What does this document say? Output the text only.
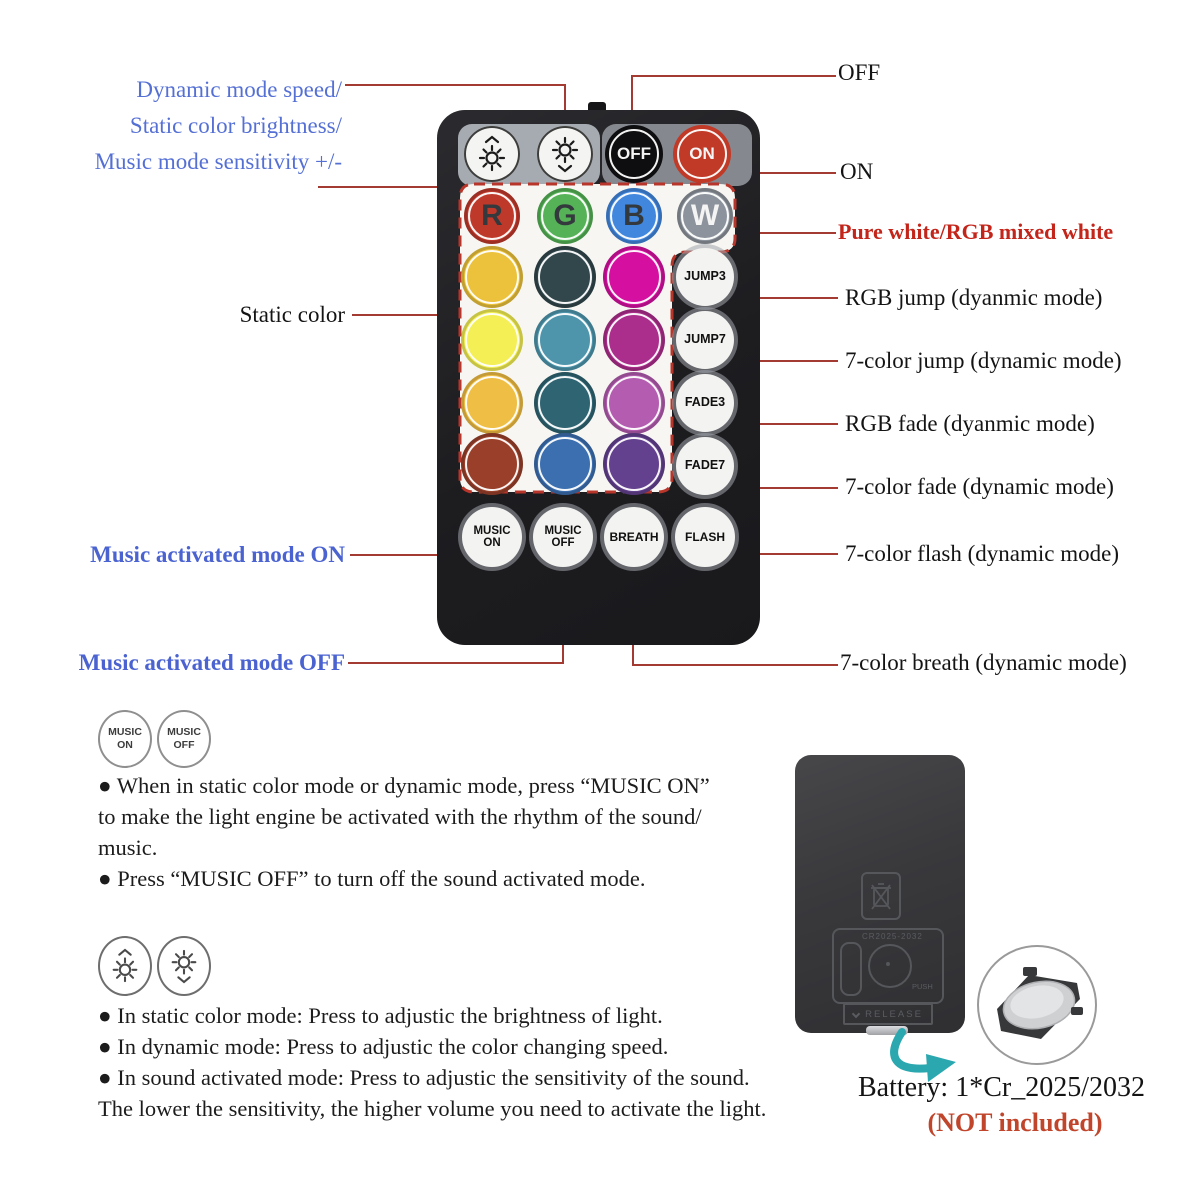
Dynamic mode speed/
Static color brightness/
Music mode sensitivity +/-
OFF
ON
Pure white/RGB mixed white
RGB jump (dyanmic mode)
7-color jump (dynamic mode)
RGB fade (dyanmic mode)
7-color fade (dynamic mode)
7-color flash (dynamic mode)
7-color breath (dynamic mode)
Static color
Music activated mode ON
Music activated mode OFF
OFF ON
R G B W
JUMP3
JUMP7
FADE3
FADE7
MUSIC ON
MUSIC OFF	BREATH FLASH
MUSIC ON
MUSIC OFF

● When in static color mode or dynamic mode, press “MUSIC ON”

to make the light engine be activated with the rhythm of the sound/

music.

● Press “MUSIC OFF” to turn off the sound activated mode.

● In static color mode: Press to adjustic the brightness of light.

● In dynamic mode: Press to adjustic the color changing speed.

● In sound activated mode: Press to adjustic the sensitivity of the sound.

The lower the sensitivity, the higher volume you need to activate the light.

CR2025-2032
PUSH
RELEASE
Battery: 1*Cr_2025/2032
(NOT included)
